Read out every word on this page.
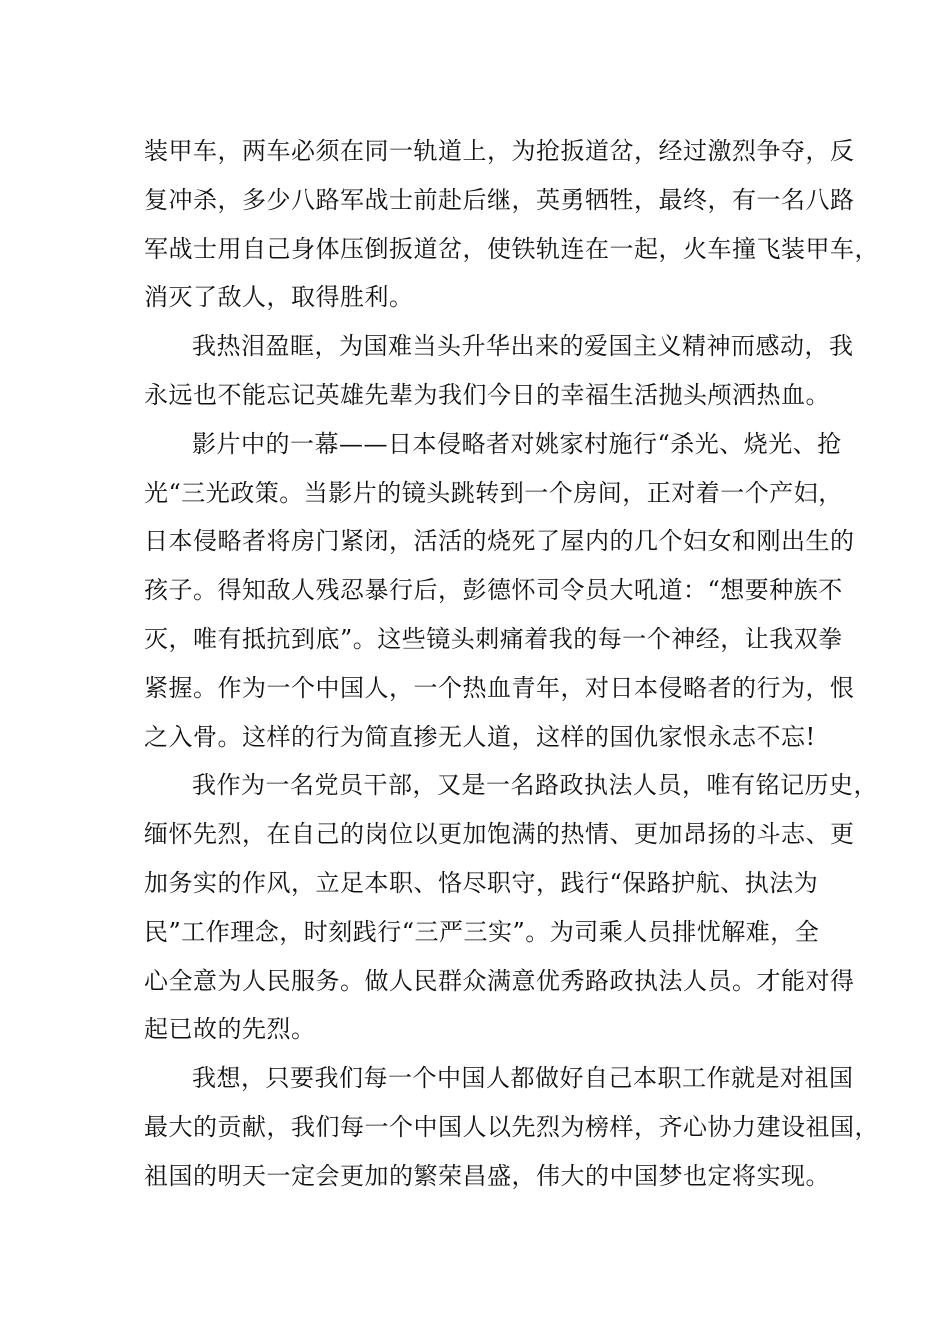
装甲车，两车必须在同一轨道上，为抢扳道岔，经过激烈争夺，反
复冲杀，多少八路军战士前赴后继，英勇牺牲，最终，有一名八路
军战士用自己身体压倒扳道岔，使铁轨连在一起，火车撞飞装甲车，
消灭了敌人，取得胜利。
我热泪盈眶，为国难当头升华出来的爱国主义精神而感动，我
永远也不能忘记英雄先辈为我们今日的幸福生活抛头颅洒热血。
影片中的一幕——日本侵略者对姚家村施行“杀光、烧光、抢
光“三光政策。当影片的镜头跳转到一个房间，正对着一个产妇，
日本侵略者将房门紧闭，活活的烧死了屋内的几个妇女和刚出生的
孩子。得知敌人残忍暴行后，彭德怀司令员大吼道：“想要种族不
灭，唯有抵抗到底”。这些镜头刺痛着我的每一个神经，让我双拳
紧握。作为一个中国人，一个热血青年，对日本侵略者的行为，恨
之入骨。这样的行为简直掺无人道，这样的国仇家恨永志不忘!
我作为一名党员干部，又是一名路政执法人员，唯有铭记历史，
缅怀先烈，在自己的岗位以更加饱满的热情、更加昂扬的斗志、更
加务实的作风，立足本职、恪尽职守，践行“保路护航、执法为
民”工作理念，时刻践行“三严三实”。为司乘人员排忧解难，全
心全意为人民服务。做人民群众满意优秀路政执法人员。才能对得
起已故的先烈。
我想，只要我们每一个中国人都做好自己本职工作就是对祖国
最大的贡献，我们每一个中国人以先烈为榜样，齐心协力建设祖国，
祖国的明天一定会更加的繁荣昌盛，伟大的中国梦也定将实现。
